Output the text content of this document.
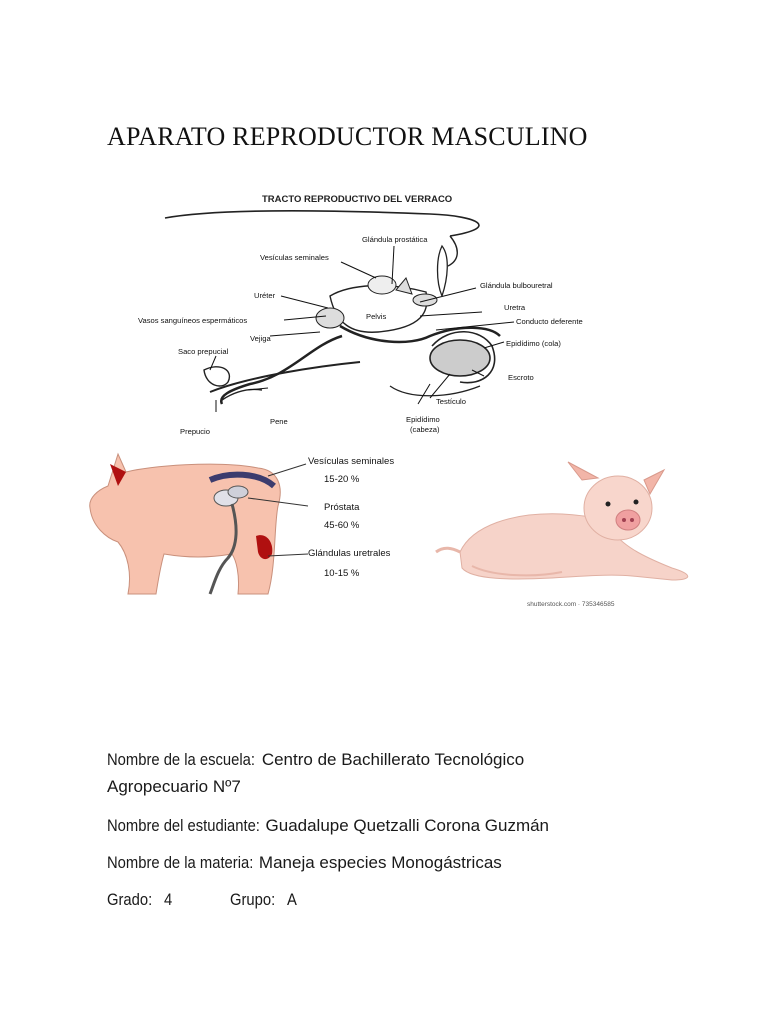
APARATO REPRODUCTOR MASCULINO
TRACTO REPRODUCTIVO DEL VERRACO
Pelvis
Glándula prostática
Vesículas seminales
Glándula bulbouretral
Uréter
Uretra
Vasos sanguíneos espermáticos	Conducto deferente
Vejiga
Epidídimo (cola)
Saco prepucial
Escroto
Testículo
Pene
Prepucio
Epidídimo
(cabeza)
Vesículas seminales
15-20 %
Próstata
45-60 %
Glándulas uretrales
10-15 %
shutterstock.com · 735346585
Nombre de la escuela: Centro de Bachillerato Tecnológico
Agropecuario Nº7
Nombre del estudiante: Guadalupe Quetzalli Corona Guzmán
Nombre de la materia: Maneja especies Monogástricas
Grado: 4	Grupo: A
